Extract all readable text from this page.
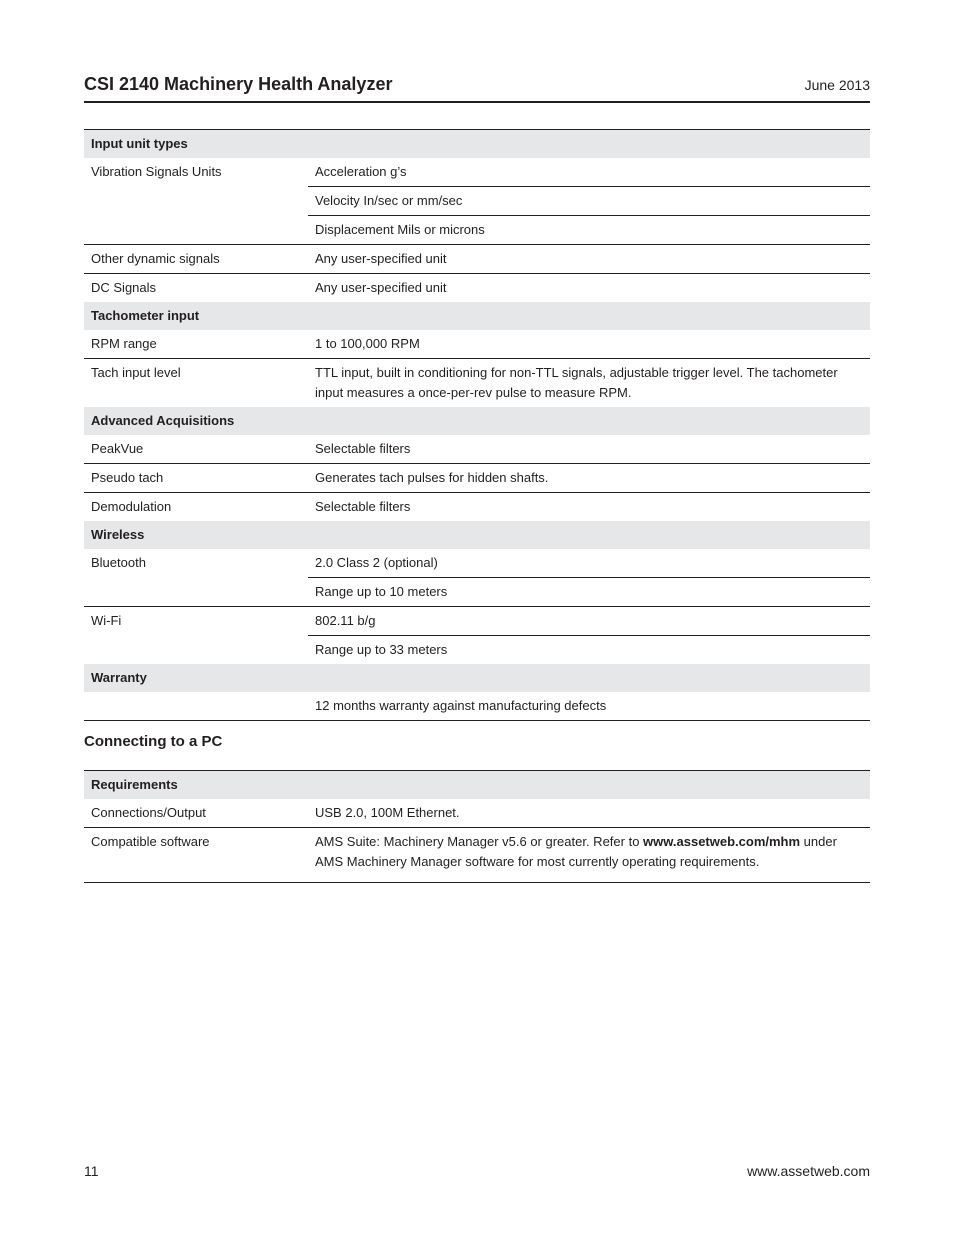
CSI 2140 Machinery Health Analyzer	June 2013
Input unit types	
Vibration Signals Units	Acceleration g’s
	Velocity In/sec or mm/sec
	Displacement Mils or microns
Other dynamic signals	Any user-specified unit
DC Signals	Any user-specified unit
Tachometer input	
RPM range	1 to 100,000 RPM
Tach input level	TTL input, built in conditioning for non-TTL signals, adjustable trigger level. The tachometer input measures a once-per-rev pulse to measure RPM.
Advanced Acquisitions	
PeakVue	Selectable filters
Pseudo tach	Generates tach pulses for hidden shafts.
Demodulation	Selectable filters
Wireless	
Bluetooth	2.0 Class 2 (optional)
	Range up to 10 meters
Wi-Fi	802.11 b/g
	Range up to 33 meters
Warranty	
	12 months warranty against manufacturing defects
Connecting to a PC
Requirements	
Connections/Output	USB 2.0, 100M Ethernet.
Compatible software	AMS Suite: Machinery Manager v5.6 or greater. Refer to www.assetweb.com/mhm under AMS Machinery Manager software for most currently operating requirements.
11	www.assetweb.com
